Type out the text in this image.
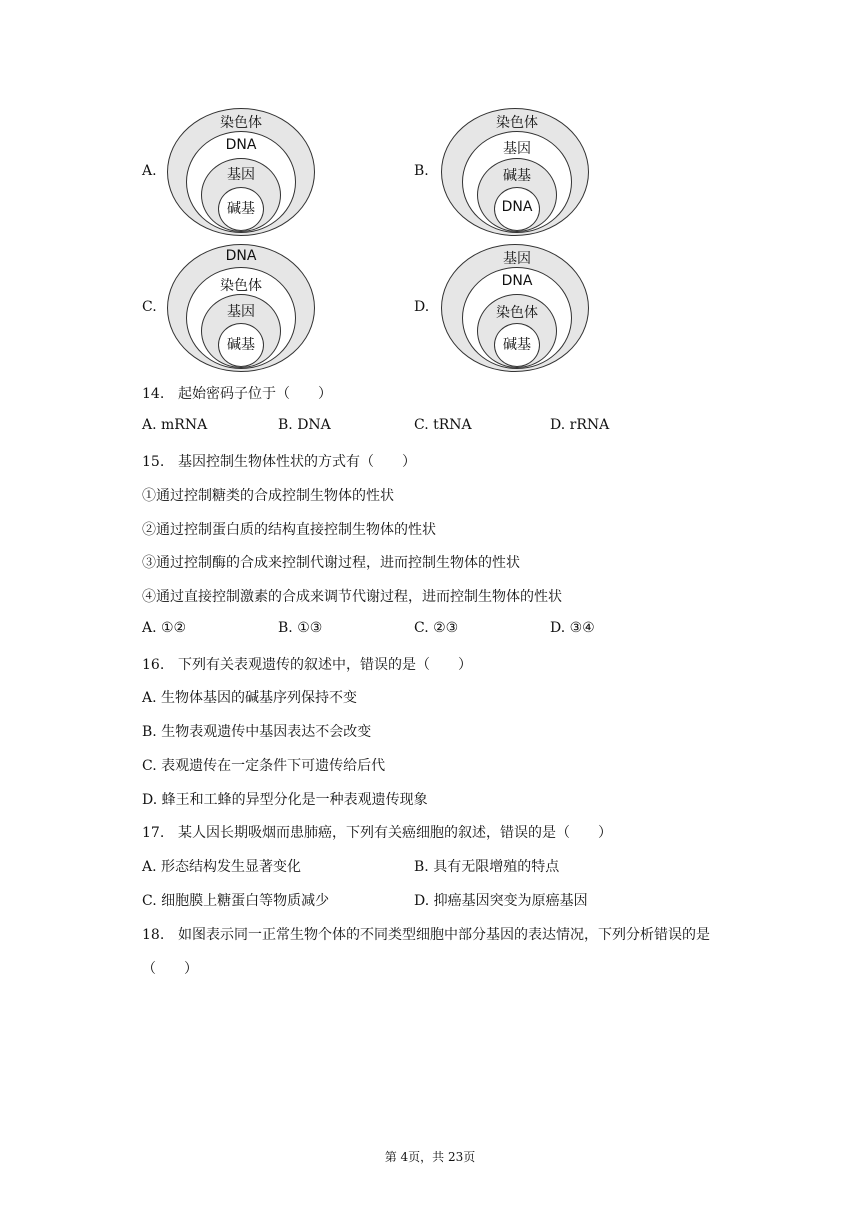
A.
染色体
DNA
基因
碱基
B.
染色体
基因
碱基
DNA
C.
DNA
染色体
基因
碱基
D.
基因
DNA
染色体
碱基
14. 起始密码子位于（　　）
A. mRNA	B. DNA	C. tRNA	D. rRNA
15. 基因控制生物体性状的方式有（　　）
①通过控制糖类的合成控制生物体的性状
②通过控制蛋白质的结构直接控制生物体的性状
③通过控制酶的合成来控制代谢过程，进而控制生物体的性状
④通过直接控制激素的合成来调节代谢过程，进而控制生物体的性状
A. ①②	B. ①③	C. ②③	D. ③④
16. 下列有关表观遗传的叙述中，错误的是（　　）
A. 生物体基因的碱基序列保持不变
B. 生物表观遗传中基因表达不会改变
C. 表观遗传在一定条件下可遗传给后代
D. 蜂王和工蜂的异型分化是一种表观遗传现象
17. 某人因长期吸烟而患肺癌，下列有关癌细胞的叙述，错误的是（　　）
A. 形态结构发生显著变化	B. 具有无限增殖的特点
C. 细胞膜上糖蛋白等物质减少	D. 抑癌基因突变为原癌基因
18. 如图表示同一正常生物个体的不同类型细胞中部分基因的表达情况，下列分析错误的是
（　　）
第 4页，共 23页
